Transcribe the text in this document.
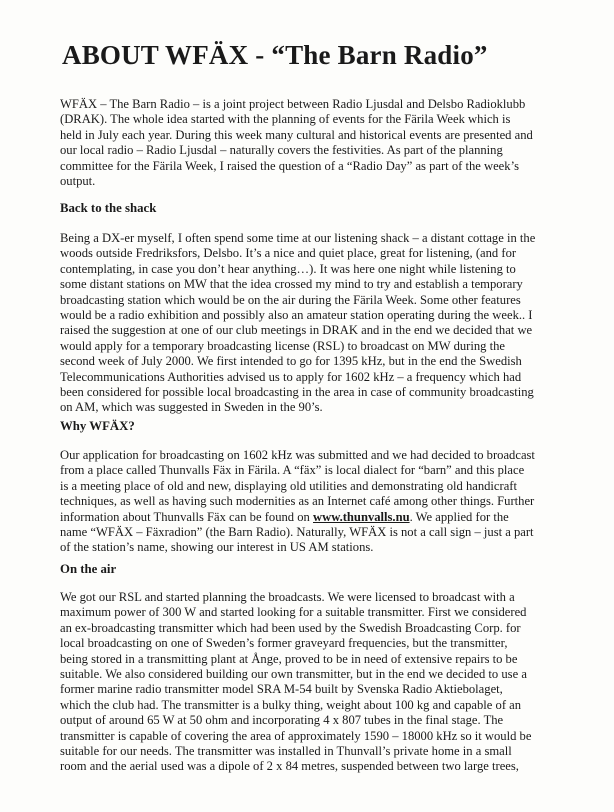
ABOUT WFÄX - “The Barn Radio”
WFÄX – The Barn Radio – is a joint project between Radio Ljusdal and Delsbo Radioklubb
(DRAK). The whole idea started with the planning of events for the Färila Week which is
held in July each year. During this week many cultural and historical events are presented and
our local radio – Radio Ljusdal – naturally covers the festivities. As part of the planning
committee for the Färila Week, I raised the question of a “Radio Day” as part of the week’s
output.
Back to the shack
Being a DX-er myself, I often spend some time at our listening shack – a distant cottage in the
woods outside Fredriksfors, Delsbo. It’s a nice and quiet place, great for listening, (and for
contemplating, in case you don’t hear anything…). It was here one night while listening to
some distant stations on MW that the idea crossed my mind to try and establish a temporary
broadcasting station which would be on the air during the Färila Week. Some other features
would be a radio exhibition and possibly also an amateur station operating during the week.. I
raised the suggestion at one of our club meetings in DRAK and in the end we decided that we
would apply for a temporary broadcasting license (RSL) to broadcast on MW during the
second week of July 2000. We first intended to go for 1395 kHz, but in the end the Swedish
Telecommunications Authorities advised us to apply for 1602 kHz – a frequency which had
been considered for possible local broadcasting in the area in case of community broadcasting
on AM, which was suggested in Sweden in the 90’s.
Why WFÄX?
Our application for broadcasting on 1602 kHz was submitted and we had decided to broadcast
from a place called Thunvalls Fäx in Färila. A “fäx” is local dialect for “barn” and this place
is a meeting place of old and new, displaying old utilities and demonstrating old handicraft
techniques, as well as having such modernities as an Internet café among other things. Further
information about Thunvalls Fäx can be found on www.thunvalls.nu. We applied for the
name “WFÄX – Fäxradion” (the Barn Radio). Naturally, WFÄX is not a call sign – just a part
of the station’s name, showing our interest in US AM stations.
On the air
We got our RSL and started planning the broadcasts. We were licensed to broadcast with a
maximum power of 300 W and started looking for a suitable transmitter. First we considered
an ex-broadcasting transmitter which had been used by the Swedish Broadcasting Corp. for
local broadcasting on one of Sweden’s former graveyard frequencies, but the transmitter,
being stored in a transmitting plant at Ånge, proved to be in need of extensive repairs to be
suitable. We also considered building our own transmitter, but in the end we decided to use a
former marine radio transmitter model SRA M-54 built by Svenska Radio Aktiebolaget,
which the club had. The transmitter is a bulky thing, weight about 100 kg and capable of an
output of around 65 W at 50 ohm and incorporating 4 x 807 tubes in the final stage. The
transmitter is capable of covering the area of approximately 1590 – 18000 kHz so it would be
suitable for our needs. The transmitter was installed in Thunvall’s private home in a small
room and the aerial used was a dipole of 2 x 84 metres, suspended between two large trees,
